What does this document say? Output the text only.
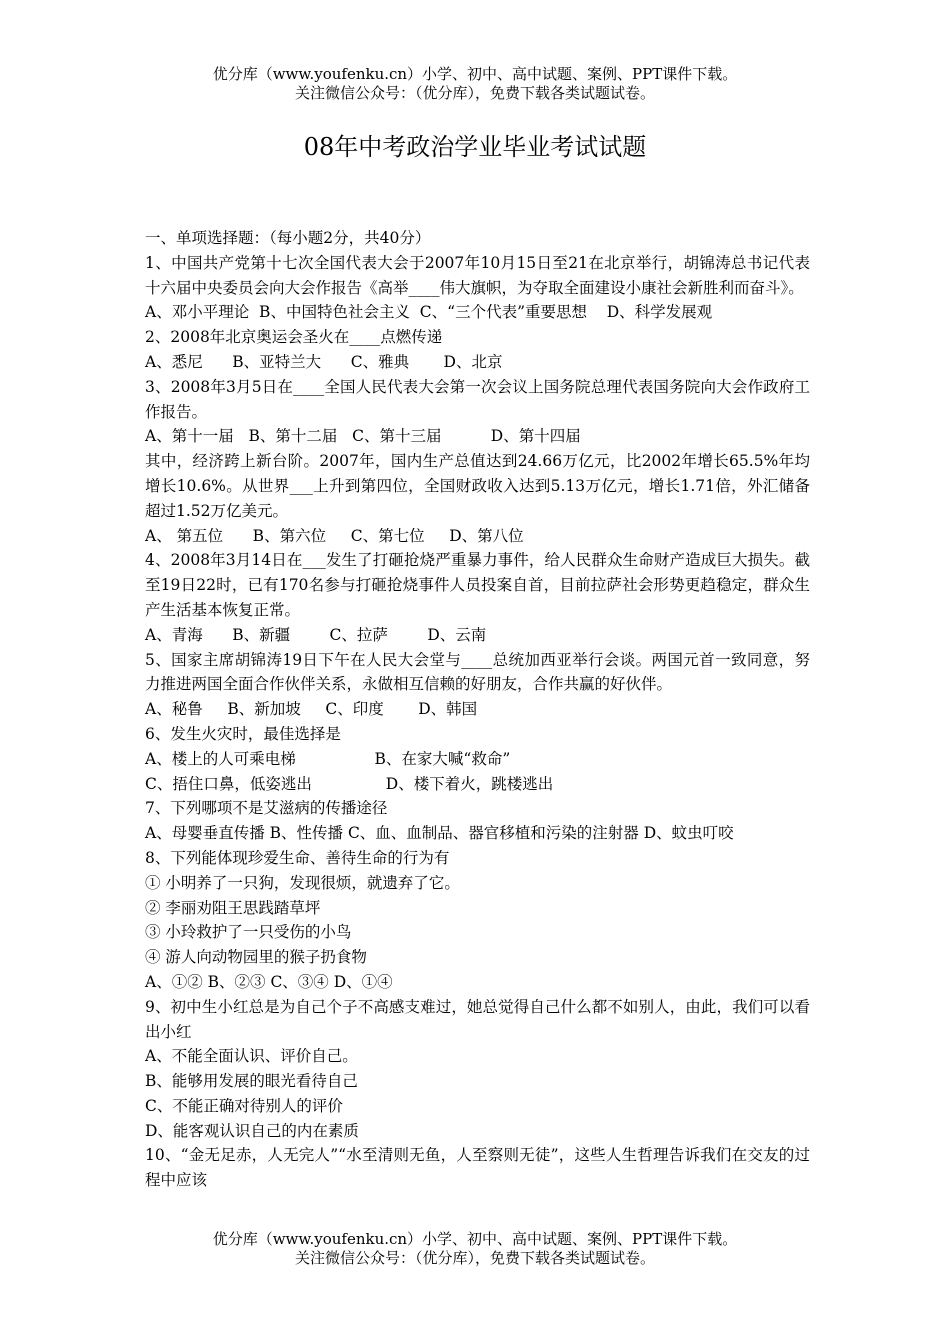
优分库（www.youfenku.cn）小学、初中、高中试题、案例、PPT课件下载。
关注微信公众号：（优分库），免费下载各类试题试卷。
08年中考政治学业毕业考试试题

一、单项选择题：（每小题2分，共40分）

1、中国共产党第十七次全国代表大会于2007年10月15日至21在北京举行，胡锦涛总书记代表十六届中央委员会向大会作报告《高举____伟大旗帜，为夺取全面建设小康社会新胜利而奋斗》。

A、邓小平理论  B、中国特色社会主义  C、“三个代表”重要思想    D、科学发展观

2、2008年北京奥运会圣火在____点燃传递

A、悉尼      B、亚特兰大      C、雅典       D、北京

3、2008年3月5日在____全国人民代表大会第一次会议上国务院总理代表国务院向大会作政府工作报告。

A、第十一届   B、第十二届   C、第十三届          D、第十四届

其中，经济跨上新台阶。2007年，国内生产总值达到24.66万亿元，比2002年增长65.5%年均增长10.6%。从世界___上升到第四位，全国财政收入达到5.13万亿元，增长1.71倍，外汇储备超过1.52万亿美元。

A、 第五位      B、第六位     C、第七位     D、第八位

4、2008年3月14日在___发生了打砸抢烧严重暴力事件，给人民群众生命财产造成巨大损失。截至19日22时，已有170名参与打砸抢烧事件人员投案自首，目前拉萨社会形势更趋稳定，群众生产生活基本恢复正常。

A、青海      B、新疆        C、拉萨        D、云南

5、国家主席胡锦涛19日下午在人民大会堂与____总统加西亚举行会谈。两国元首一致同意，努力推进两国全面合作伙伴关系，永做相互信赖的好朋友，合作共赢的好伙伴。

A、秘鲁     B、新加坡     C、印度       D、韩国

6、发生火灾时，最佳选择是

A、楼上的人可乘电梯                B、在家大喊“救命”

C、捂住口鼻，低姿逃出               D、楼下着火，跳楼逃出

7、下列哪项不是艾滋病的传播途径

A、母婴垂直传播 B、性传播 C、血、血制品、器官移植和污染的注射器 D、蚊虫叮咬

8、下列能体现珍爱生命、善待生命的行为有

① 小明养了一只狗，发现很烦，就遗弃了它。

② 李丽劝阻王思践踏草坪

③ 小玲救护了一只受伤的小鸟

④ 游人向动物园里的猴子扔食物

A、①② B、②③ C、③④ D、①④

9、初中生小红总是为自己个子不高感支难过，她总觉得自己什么都不如别人，由此，我们可以看出小红

A、不能全面认识、评价自己。

B、能够用发展的眼光看待自己

C、不能正确对待别人的评价

D、能客观认识自己的内在素质

10、“金无足赤，人无完人”“水至清则无鱼，人至察则无徒”，这些人生哲理告诉我们在交友的过程中应该

优分库（www.youfenku.cn）小学、初中、高中试题、案例、PPT课件下载。
关注微信公众号：（优分库），免费下载各类试题试卷。
